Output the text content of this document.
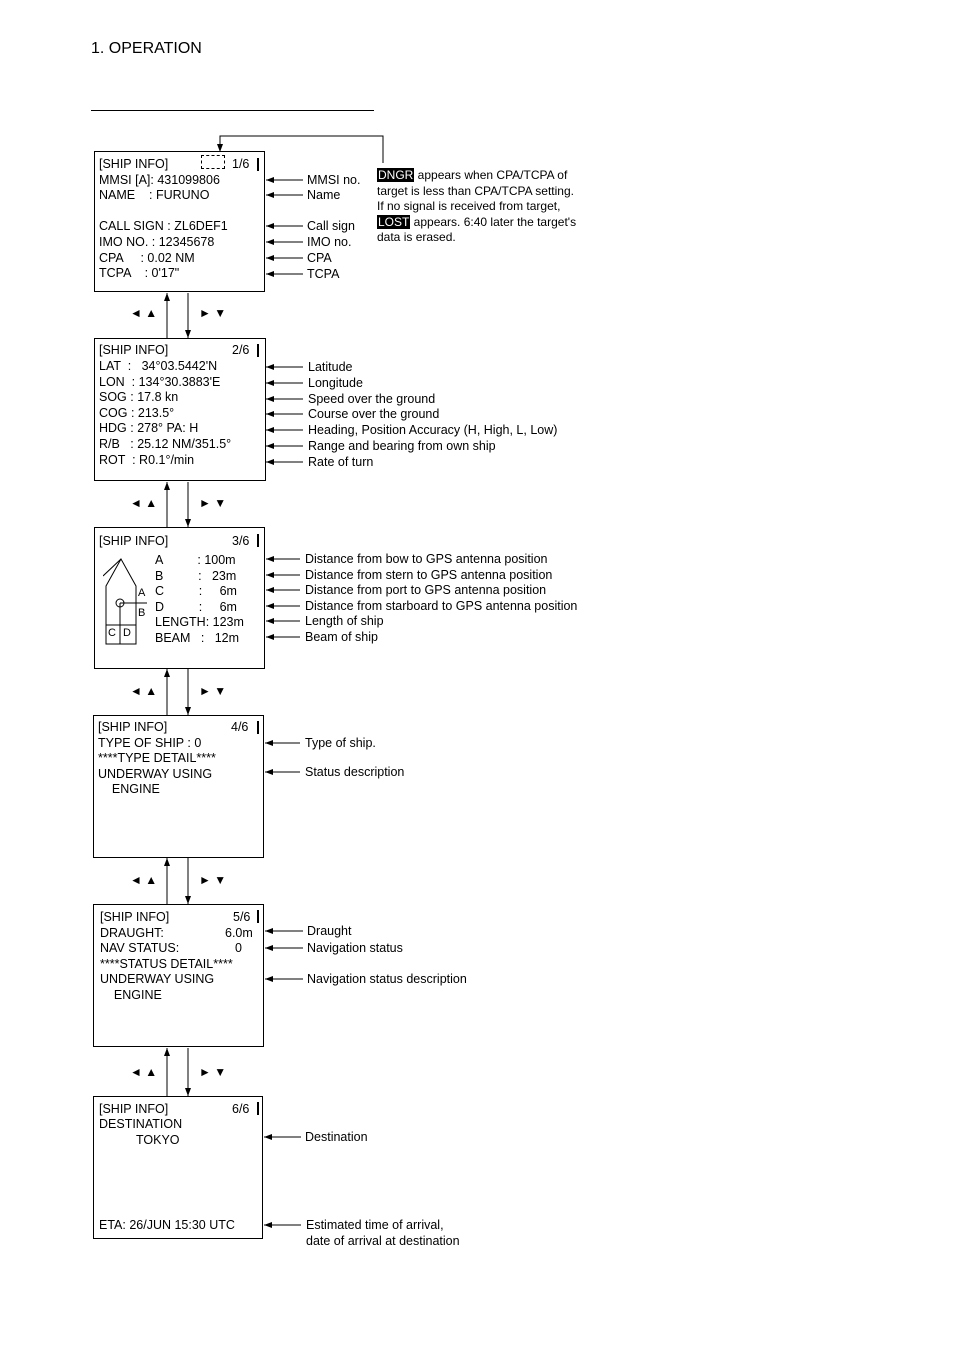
1. OPERATION
◄ ▲	► ▼
◄ ▲	► ▼
◄ ▲	► ▼
◄ ▲	► ▼
◄ ▲	► ▼
DNGR appears when CPA/TCPA of target is less than CPA/TCPA setting. If no signal is received from target, LOST appears. 6:40 later the target's data is erased.
[SHIP INFO]	1/6
MMSI [A]: 431099806
NAME    : FURUNO
CALL SIGN : ZL6DEF1
IMO NO. : 12345678
CPA     : 0.02 NM
TCPA    : 0'17"
MMSI no.
Name
Call sign
IMO no.
CPA
TCPA
[SHIP INFO]	2/6
LAT  :   34°03.5442'N
LON  : 134°30.3883'E
SOG : 17.8 kn
COG : 213.5°
HDG : 278° PA: H
R/B   : 25.12 NM/351.5°
ROT  : R0.1°/min
Latitude
Longitude
Speed over the ground
Course over the ground
Heading, Position Accuracy (H, High, L, Low)
Range and bearing from own ship
Rate of turn
[SHIP INFO]	3/6
A
B
C D
A          : 100m
B          :   23m
C          :     6m
D          :     6m
LENGTH: 123m
BEAM   :   12m
Distance from bow to GPS antenna position
Distance from stern to GPS antenna position
Distance from port to GPS antenna position
Distance from starboard to GPS antenna position
Length of ship
Beam of ship
[SHIP INFO]	4/6
TYPE OF SHIP : 0
****TYPE DETAIL****
UNDERWAY USING
ENGINE
Type of ship.
Status description
[SHIP INFO]	5/6
DRAUGHT:	6.0m
NAV STATUS:	0
****STATUS DETAIL****
UNDERWAY USING
ENGINE
Draught
Navigation status
Navigation status description
[SHIP INFO]	6/6
DESTINATION
TOKYO
ETA: 26/JUN 15:30 UTC
Destination
Estimated time of arrival,
date of arrival at destination
